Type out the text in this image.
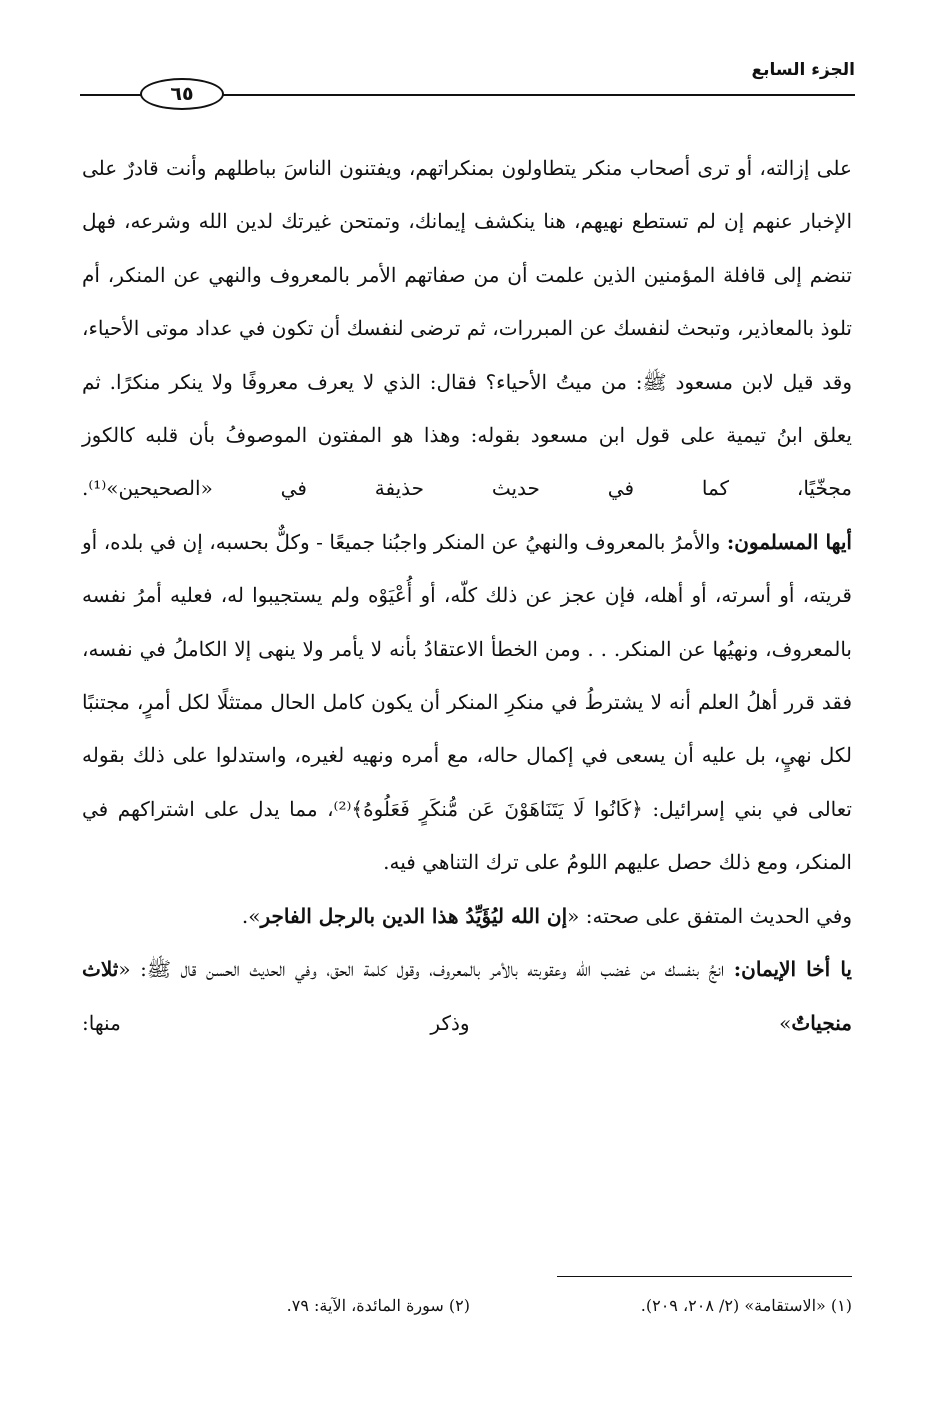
٦٥
الجزء السابع

على إزالته، أو ترى أصحاب منكر يتطاولون بمنكراتهم، ويفتنون الناسَ بباطلهم وأنت قادرٌ على الإخبار عنهم إن لم تستطع نهيهم، هنا ينكشف إيمانك، وتمتحن غيرتك لدين الله وشرعه، فهل تنضم إلى قافلة المؤمنين الذين علمت أن من صفاتهم الأمر بالمعروف والنهي عن المنكر، أم تلوذ بالمعاذير، وتبحث لنفسك عن المبررات، ثم ترضى لنفسك أن تكون في عداد موتى الأحياء، وقد قيل لابن مسعود ﷺ: من ميتُ الأحياء؟ فقال: الذي لا يعرف معروفًا ولا ينكر منكرًا. ثم يعلق ابنُ تيمية على قول ابن مسعود بقوله: وهذا هو المفتون الموصوفُ بأن قلبه كالكوز مجخّيًا، كما في حديث حذيفة في «الصحيحين»⁽¹⁾.

أيها المسلمون: والأمرُ بالمعروف والنهيُ عن المنكر واجبُنا جميعًا - وكلٌّ بحسبه، إن في بلده، أو قريته، أو أسرته، أو أهله، فإن عجز عن ذلك كلّه، أو أُعْيَوْه ولم يستجيبوا له، فعليه أمرُ نفسه بالمعروف، ونهيُها عن المنكر. . . ومن الخطأ الاعتقادُ بأنه لا يأمر ولا ينهى إلا الكاملُ في نفسه، فقد قرر أهلُ العلم أنه لا يشترطُ في منكرِ المنكر أن يكون كامل الحال ممتثلًا لكل أمرٍ، مجتنبًا لكل نهيٍ، بل عليه أن يسعى في إكمال حاله، مع أمره ونهيه لغيره، واستدلوا على ذلك بقوله تعالى في بني إسرائيل: ﴿كَانُوا لَا يَتَنَاهَوْنَ عَن مُّنكَرٍ فَعَلُوهُ﴾⁽²⁾، مما يدل على اشتراكهم في المنكر، ومع ذلك حصل عليهم اللومُ على ترك التناهي فيه.

وفي الحديث المتفق على صحته: «إن الله ليُؤَيِّدُ هذا الدين بالرجل الفاجر».

يا أخا الإيمان: انجُ بنفسك من غضب الله وعقوبته بالأمر بالمعروف، وقول كلمة الحق، وفي الحديث الحسن قال ﷺ: «ثلاث منجياتٌ» وذكر منها:

(١) «الاستقامة» (٢/ ٢٠٨، ٢٠٩).
(٢) سورة المائدة، الآية: ٧٩.
